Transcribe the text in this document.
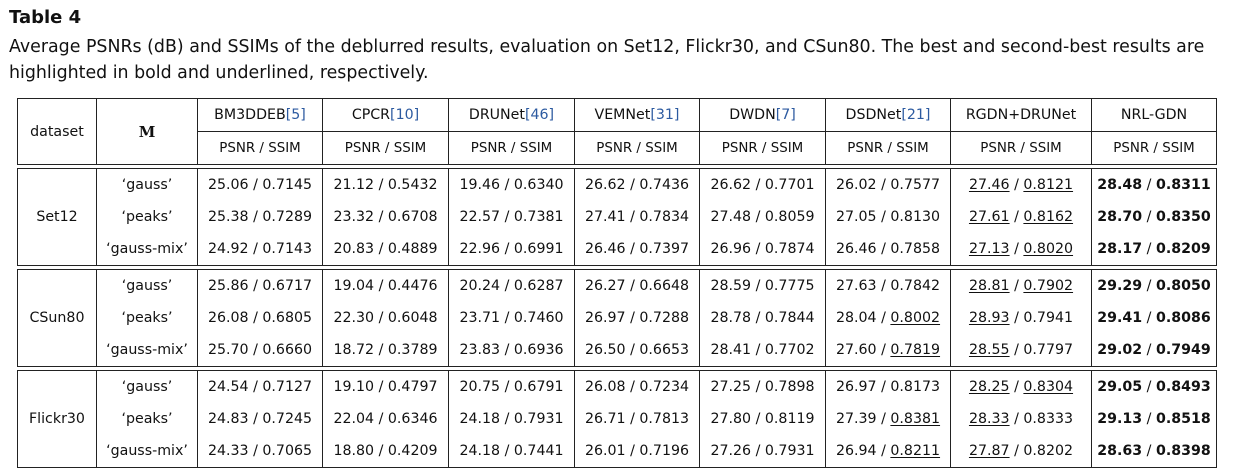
Table 4
Average PSNRs (dB) and SSIMs of the deblurred results, evaluation on Set12, Flickr30, and CSun80. The best and second-best results are highlighted in bold and underlined, respectively.
dataset	M	BM3DDEB[5]	CPCR[10]	DRUNet[46]	VEMNet[31]	DWDN[7]	DSDNet[21]	RGDN+DRUNet	NRL-GDN
		PSNR / SSIM	PSNR / SSIM	PSNR / SSIM	PSNR / SSIM	PSNR / SSIM	PSNR / SSIM	PSNR / SSIM	PSNR / SSIM

Set12	‘gauss’	25.06 / 0.7145	21.12 / 0.5432	19.46 / 0.6340	26.62 / 0.7436	26.62 / 0.7701	26.02 / 0.7577	27.46 / 0.8121	28.48 / 0.8311
	‘peaks’	25.38 / 0.7289	23.32 / 0.6708	22.57 / 0.7381	27.41 / 0.7834	27.48 / 0.8059	27.05 / 0.8130	27.61 / 0.8162	28.70 / 0.8350
	‘gauss-mix’	24.92 / 0.7143	20.83 / 0.4889	22.96 / 0.6991	26.46 / 0.7397	26.96 / 0.7874	26.46 / 0.7858	27.13 / 0.8020	28.17 / 0.8209

CSun80	‘gauss’	25.86 / 0.6717	19.04 / 0.4476	20.24 / 0.6287	26.27 / 0.6648	28.59 / 0.7775	27.63 / 0.7842	28.81 / 0.7902	29.29 / 0.8050
	‘peaks’	26.08 / 0.6805	22.30 / 0.6048	23.71 / 0.7460	26.97 / 0.7288	28.78 / 0.7844	28.04 / 0.8002	28.93 / 0.7941	29.41 / 0.8086
	‘gauss-mix’	25.70 / 0.6660	18.72 / 0.3789	23.83 / 0.6936	26.50 / 0.6653	28.41 / 0.7702	27.60 / 0.7819	28.55 / 0.7797	29.02 / 0.7949

Flickr30	‘gauss’	24.54 / 0.7127	19.10 / 0.4797	20.75 / 0.6791	26.08 / 0.7234	27.25 / 0.7898	26.97 / 0.8173	28.25 / 0.8304	29.05 / 0.8493
	‘peaks’	24.83 / 0.7245	22.04 / 0.6346	24.18 / 0.7931	26.71 / 0.7813	27.80 / 0.8119	27.39 / 0.8381	28.33 / 0.8333	29.13 / 0.8518
	‘gauss-mix’	24.33 / 0.7065	18.80 / 0.4209	24.18 / 0.7441	26.01 / 0.7196	27.26 / 0.7931	26.94 / 0.8211	27.87 / 0.8202	28.63 / 0.8398
